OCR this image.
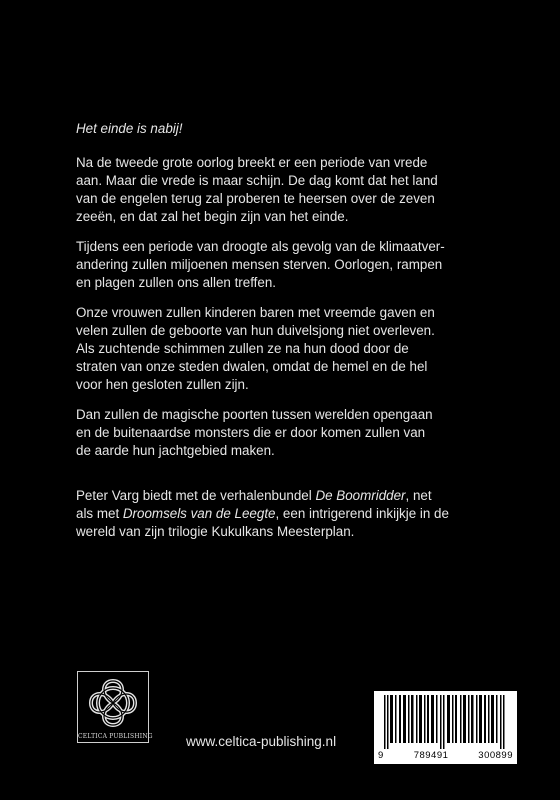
Het einde is nabij!

Na de tweede grote oorlog breekt er een periode van vrede
aan. Maar die vrede is maar schijn. De dag komt dat het land
van de engelen terug zal proberen te heersen over de zeven
zeeën, en dat zal het begin zijn van het einde.

Tijdens een periode van droogte als gevolg van de klimaatver-
andering zullen miljoenen mensen sterven. Oorlogen, rampen
en plagen zullen ons allen treffen.

Onze vrouwen zullen kinderen baren met vreemde gaven en
velen zullen de geboorte van hun duivelsjong niet overleven.
Als zuchtende schimmen zullen ze na hun dood door de
straten van onze steden dwalen, omdat de hemel en de hel
voor hen gesloten zullen zijn.

Dan zullen de magische poorten tussen werelden opengaan
en de buitenaardse monsters die er door komen zullen van
de aarde hun jachtgebied maken.

Peter Varg biedt met de verhalenbundel De Boomridder, net
als met Droomsels van de Leegte, een intrigerend inkijkje in de
wereld van zijn trilogie Kukulkans Meesterplan.

CELTICA PUBLISHING www.celtica-publishing.nl
9	789491	300899
